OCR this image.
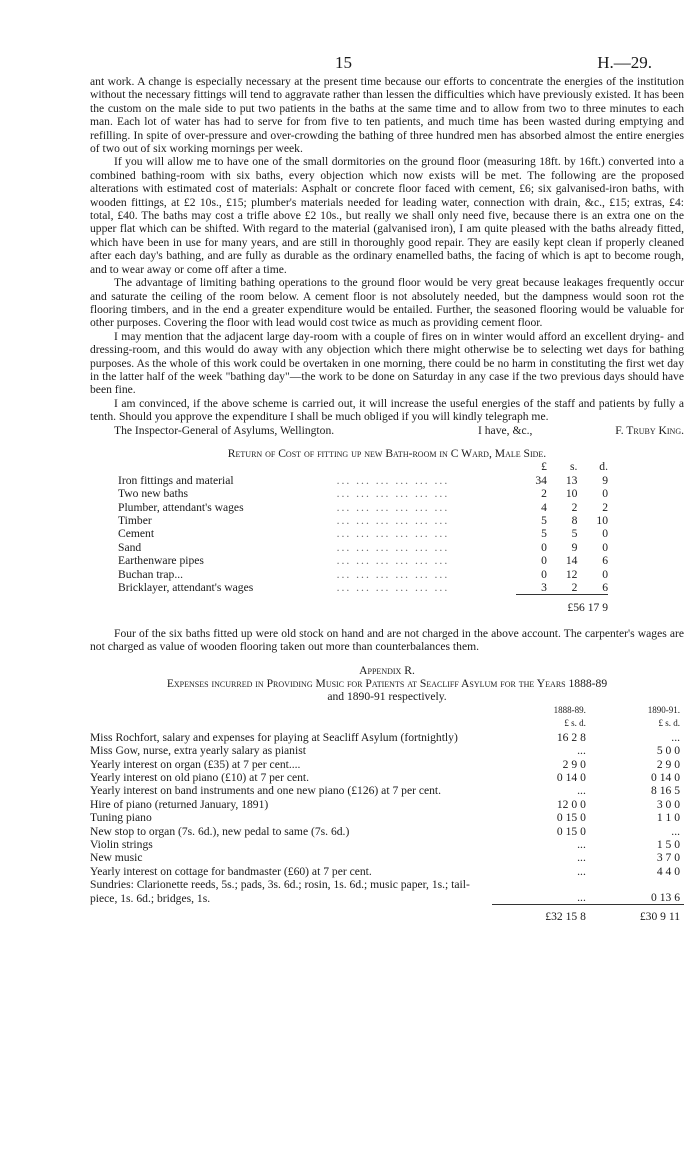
15	H.—29.

ant work. A change is especially necessary at the present time because our efforts to concentrate the energies of the institution without the necessary fittings will tend to aggravate rather than lessen the difficulties which have previously existed. It has been the custom on the male side to put two patients in the baths at the same time and to allow from two to three minutes to each man. Each lot of water has had to serve for from five to ten patients, and much time has been wasted during emptying and refilling. In spite of over-pressure and over-crowding the bathing of three hundred men has absorbed almost the entire energies of two out of six working mornings per week.

If you will allow me to have one of the small dormitories on the ground floor (measuring 18ft. by 16ft.) converted into a combined bathing-room with six baths, every objection which now exists will be met. The following are the proposed alterations with estimated cost of materials: Asphalt or concrete floor faced with cement, £6; six galvanised-iron baths, with wooden fittings, at £2 10s., £15; plumber's materials needed for leading water, connection with drain, &c., £15; extras, £4: total, £40. The baths may cost a trifle above £2 10s., but really we shall only need five, because there is an extra one on the upper flat which can be shifted. With regard to the material (galvanised iron), I am quite pleased with the baths already fitted, which have been in use for many years, and are still in thoroughly good repair. They are easily kept clean if properly cleaned after each day's bathing, and are fully as durable as the ordinary enamelled baths, the facing of which is apt to become rough, and to wear away or come off after a time.

The advantage of limiting bathing operations to the ground floor would be very great because leakages frequently occur and saturate the ceiling of the room below. A cement floor is not absolutely needed, but the dampness would soon rot the flooring timbers, and in the end a greater expenditure would be entailed. Further, the seasoned flooring would be valuable for other purposes. Covering the floor with lead would cost twice as much as providing cement floor.

I may mention that the adjacent large day-room with a couple of fires on in winter would afford an excellent drying- and dressing-room, and this would do away with any objection which there might otherwise be to selecting wet days for bathing purposes. As the whole of this work could be overtaken in one morning, there could be no harm in constituting the first wet day in the latter half of the week "bathing day"—the work to be done on Saturday in any case if the two previous days should have been fine.

I am convinced, if the above scheme is carried out, it will increase the useful energies of the staff and patients by fully a tenth. Should you approve the expenditure I shall be much obliged if you will kindly telegraph me.

The Inspector-General of Asylums, Wellington.	I have, &c.,	F. Truby King.

Return of Cost of fitting up new Bath-room in C Ward, Male Side.

		£	s.	d.
Iron fittings and material	... ... ... ... ... ...	34	13	9
Two new baths	... ... ... ... ... ...	2	10	0
Plumber, attendant's wages	... ... ... ... ... ...	4	2	2
Timber	... ... ... ... ... ...	5	8	10
Cement	... ... ... ... ... ...	5	5	0
Sand	... ... ... ... ... ...	0	9	0
Earthenware pipes	... ... ... ... ... ...	0	14	6
Buchan trap...	... ... ... ... ... ...	0	12	0
Bricklayer, attendant's wages	... ... ... ... ... ...	3	2	6
		£56 17 9		

Four of the six baths fitted up were old stock on hand and are not charged in the above account. The carpenter's wages are not charged as value of wooden flooring taken out more than counterbalances them.

Appendix R.

Expenses incurred in Providing Music for Patients at Seacliff Asylum for the Years 1888-89

and 1890-91 respectively.

	1888-89.	1890-91.
	£ s. d.	£ s. d.
Miss Rochfort, salary and expenses for playing at Seacliff Asylum (fortnightly)	16 2 8	...
Miss Gow, nurse, extra yearly salary as pianist	...	5 0 0
Yearly interest on organ (£35) at 7 per cent....	2 9 0	2 9 0
Yearly interest on old piano (£10) at 7 per cent.	0 14 0	0 14 0
Yearly interest on band instruments and one new piano (£126) at 7 per cent.	...	8 16 5
Hire of piano (returned January, 1891)	12 0 0	3 0 0
Tuning piano	0 15 0	1 1 0
New stop to organ (7s. 6d.), new pedal to same (7s. 6d.)	0 15 0	...
Violin strings	...	1 5 0
New music	...	3 7 0
Yearly interest on cottage for bandmaster (£60) at 7 per cent.	...	4 4 0
Sundries: Clarionette reeds, 5s.; pads, 3s. 6d.; rosin, 1s. 6d.; music paper, 1s.; tail-piece, 1s. 6d.; bridges, 1s.	...	0 13 6
	£32 15 8	£30 9 11
